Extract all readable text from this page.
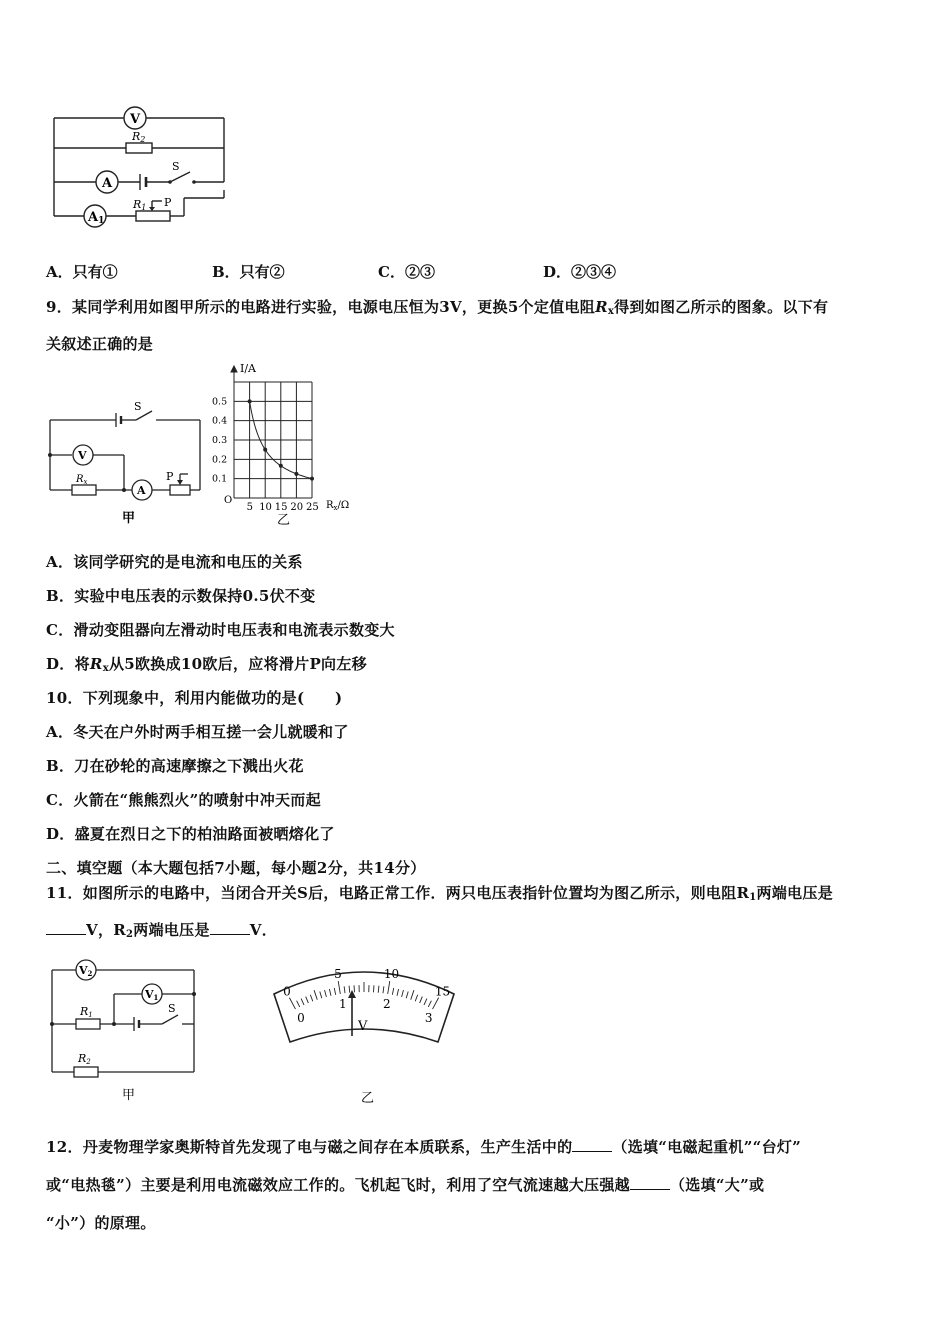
V
R2
A
S
A1
R1 P
A．只有①	B．只有②	C．②③	D．②③④
9．某同学利用如图甲所示的电路进行实验，电源电压恒为3V，更换5个定值电阻$R_x$得到如图乙所示的图象。以下有
关叙述正确的是
S
V
$R_x$
A
P
甲
5 10 15 20 25
0.5
0.4
0.3
0.2
0.1
I/A
O	$R_x/\Omega$
乙
A．该同学研究的是电流和电压的关系
B．实验中电压表的示数保持0.5伏不变
C．滑动变阻器向左滑动时电压表和电流表示数变大
D．将$R_x$从5欧换成10欧后，应将滑片P向左移
10．下列现象中，利用内能做功的是(　　)
A．冬天在户外时两手相互搓一会儿就暖和了
B．刀在砂轮的高速摩擦之下溅出火花
C．火箭在“熊熊烈火”的喷射中冲天而起
D．盛夏在烈日之下的柏油路面被晒熔化了
二、填空题（本大题包括7小题，每小题2分，共14分）
11．如图所示的电路中，当闭合开关S后，电路正常工作．两只电压表指针位置均为图乙所示，则电阻$R_1$两端电压是
V，$R_2$两端电压是	V．
V2
V1
R1	S
R2
甲
0
5	10
15
0
1	2
3
V
乙
12．丹麦物理学家奥斯特首先发现了电与磁之间存在本质联系，生产生活中的	（选填“电磁起重机”“台灯”
或“电热毯”）主要是利用电流磁效应工作的。飞机起飞时，利用了空气流速越大压强越	（选填“大”或
“小”）的原理。
